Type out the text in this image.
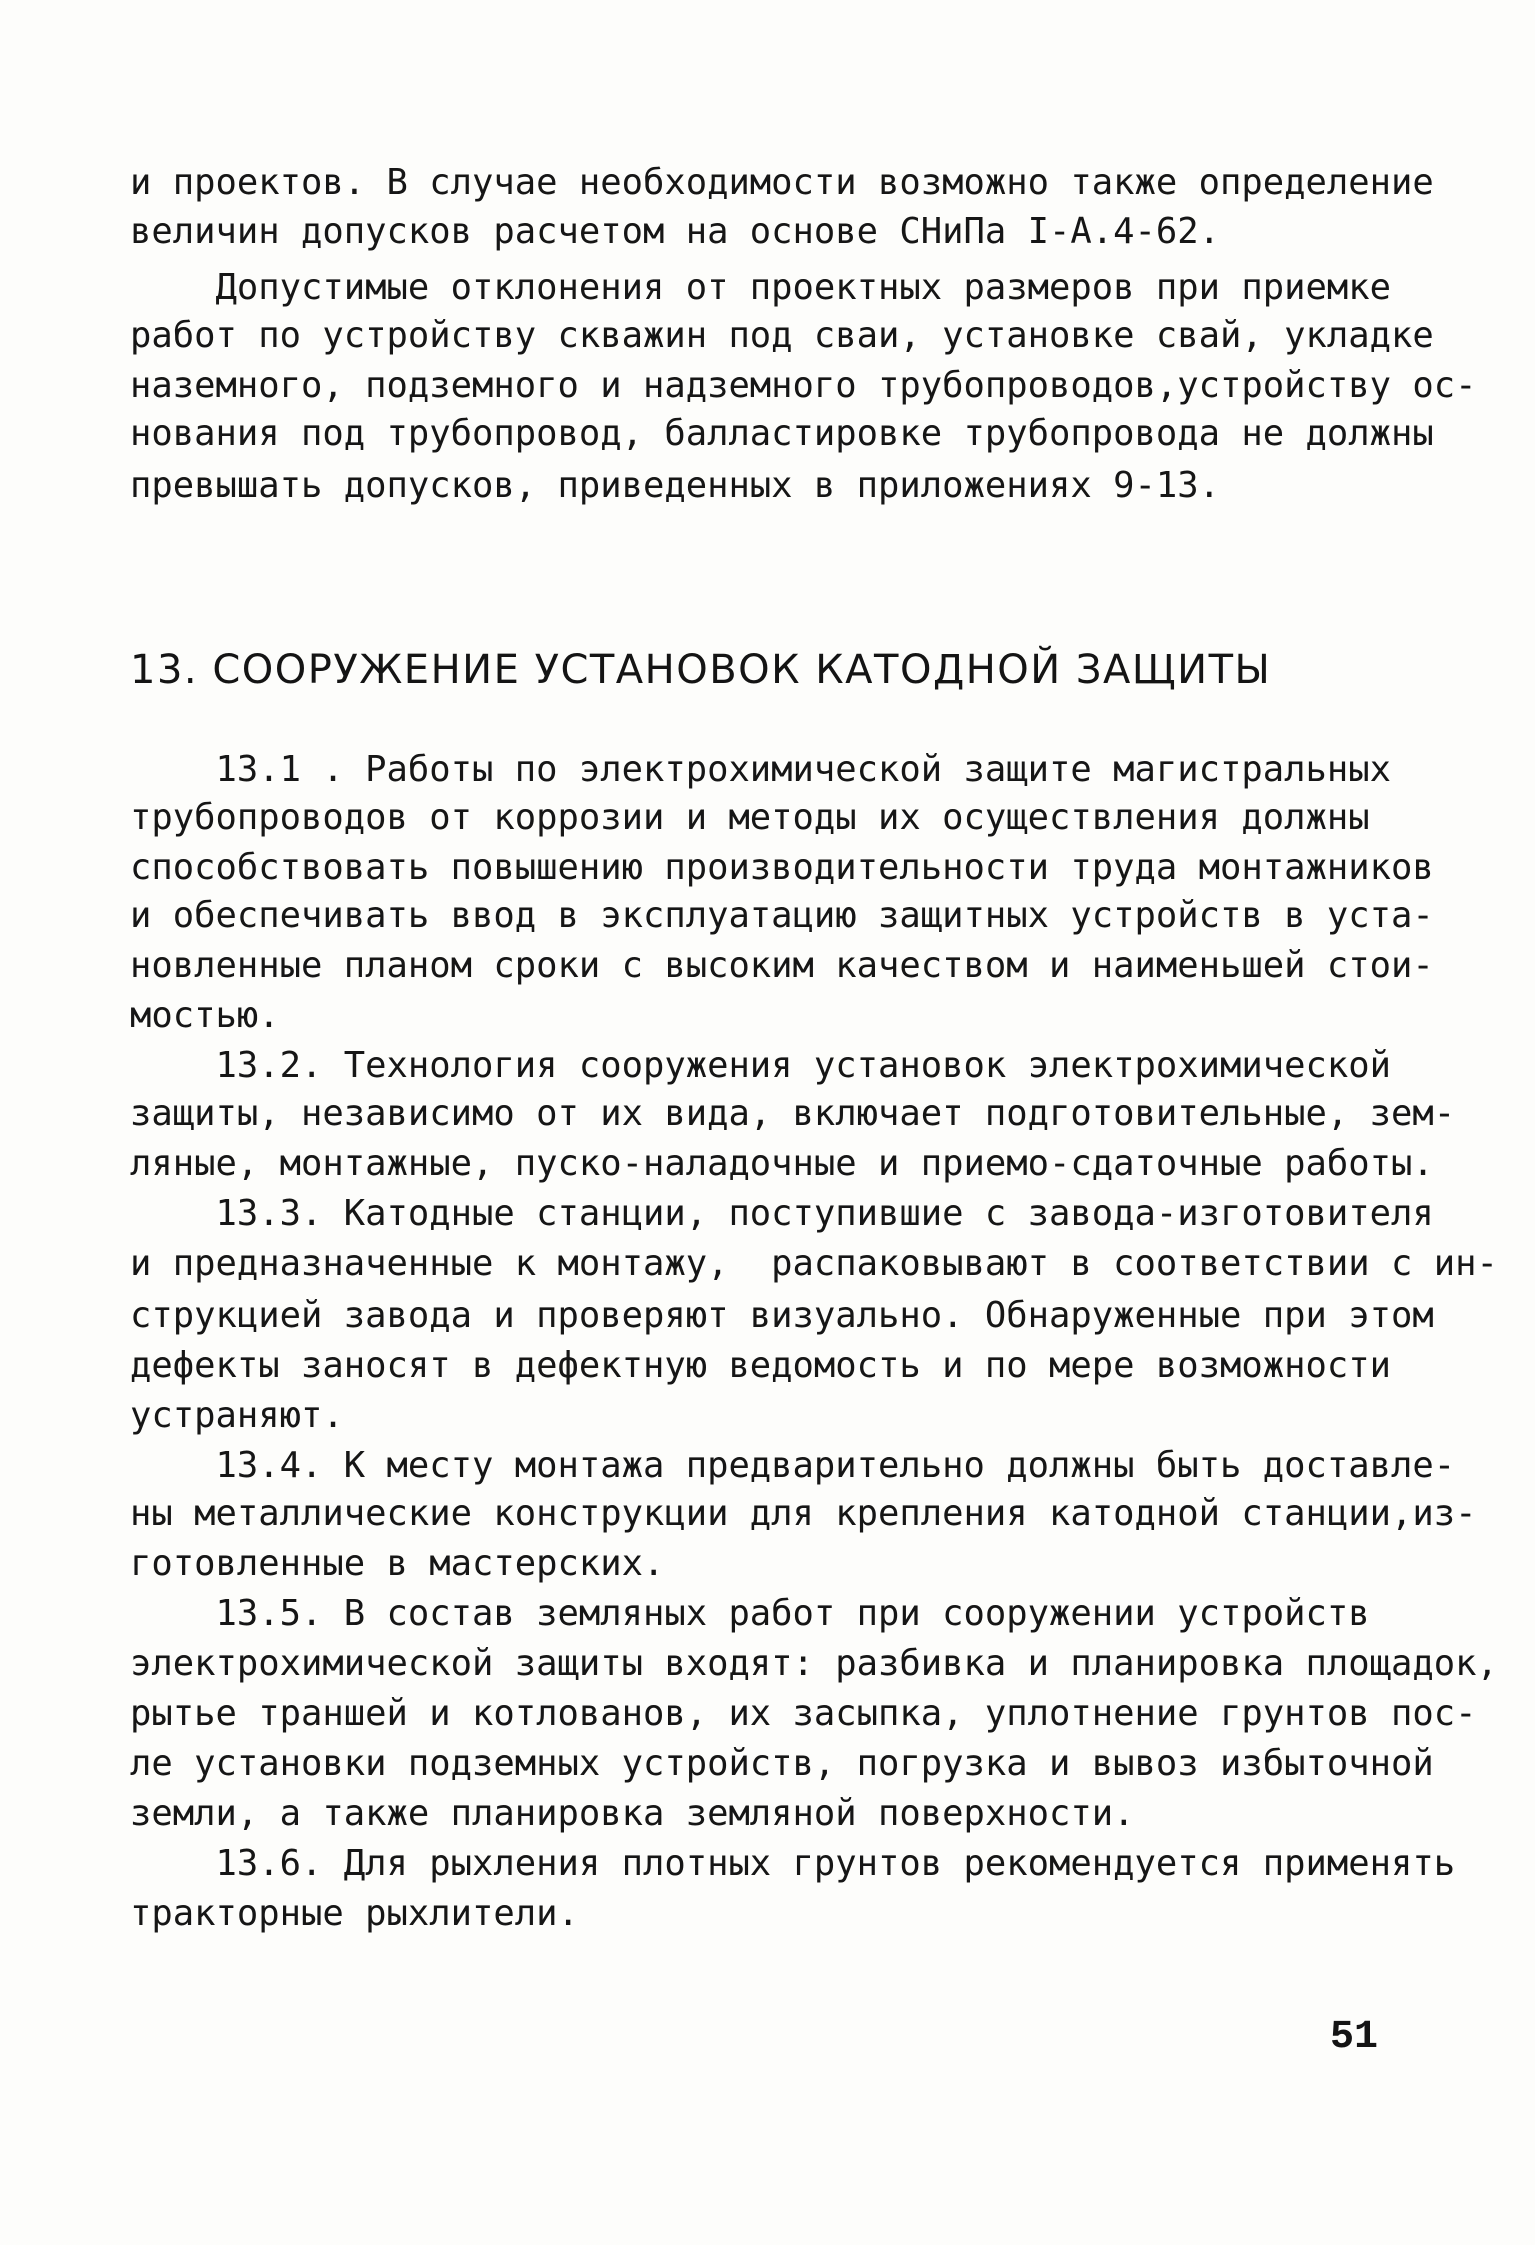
и проектов. В случае необходимости возможно также определение
величин допусков расчетом на основе СНиПа I-А.4-62.
Допустимые отклонения от проектных размеров при приемке
работ по устройству скважин под сваи, установке свай, укладке
наземного, подземного и надземного трубопроводов,устройству ос-
нования под трубопровод, балластировке трубопровода не должны
превышать допусков, приведенных в приложениях 9-13.
13. СООРУЖЕНИЕ УСТАНОВОК КАТОДНОЙ ЗАЩИТЫ
13.1 . Работы по электрохимической защите магистральных
трубопроводов от коррозии и методы их осуществления должны
способствовать повышению производительности труда монтажников
и обеспечивать ввод в эксплуатацию защитных устройств в уста-
новленные планом сроки с высоким качеством и наименьшей стои-
мостью.
13.2. Технология сооружения установок электрохимической
защиты, независимо от их вида, включает подготовительные, зем-
ляные, монтажные, пуско-наладочные и приемо-сдаточные работы.
13.3. Катодные станции, поступившие с завода-изготовителя
и предназначенные к монтажу,  распаковывают в соответствии с ин-
струкцией завода и проверяют визуально. Обнаруженные при этом
дефекты заносят в дефектную ведомость и по мере возможности
устраняют.
13.4. К месту монтажа предварительно должны быть доставле-
ны металлические конструкции для крепления катодной станции,из-
готовленные в мастерских.
13.5. В состав земляных работ при сооружении устройств
электрохимической защиты входят: разбивка и планировка площадок,
рытье траншей и котлованов, их засыпка, уплотнение грунтов пос-
ле установки подземных устройств, погрузка и вывоз избыточной
земли, а также планировка земляной поверхности.
13.6. Для рыхления плотных грунтов рекомендуется применять
тракторные рыхлители.
51
